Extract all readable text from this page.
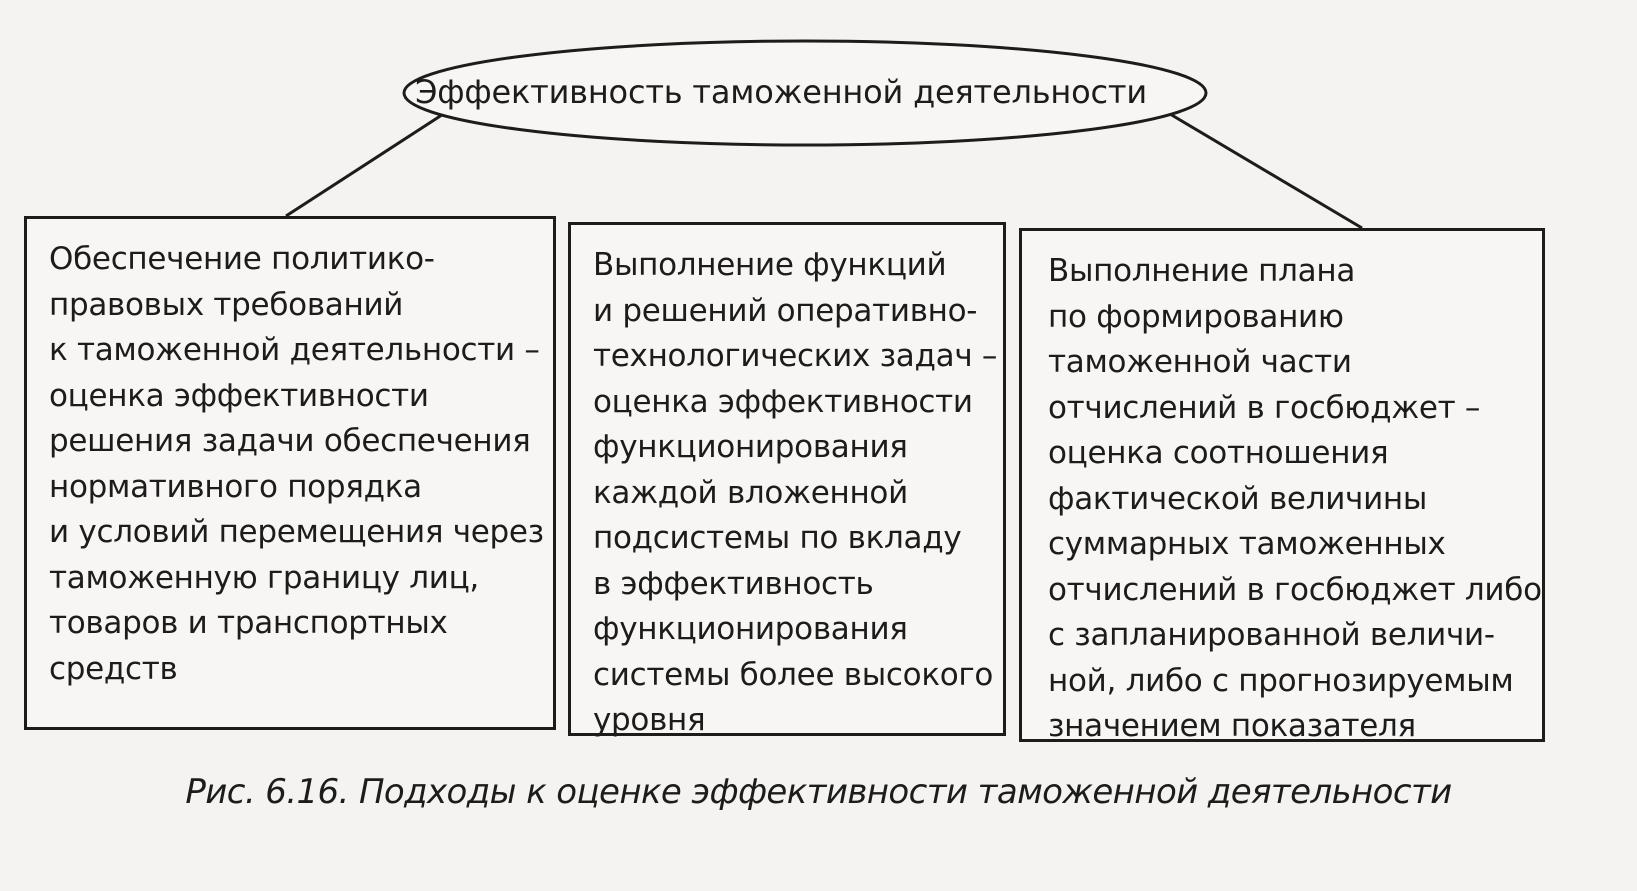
Эффективность таможенной деятельности
Обеспечение политико-
правовых требований
к таможенной деятельности –
оценка эффективности
решения задачи обеспечения
нормативного порядка
и условий перемещения через
таможенную границу лиц,
товаров и транспортных
средств
Выполнение функций
и решений оперативно-
технологических задач –
оценка эффективности
функционирования
каждой вложенной
подсистемы по вкладу
в эффективность
функционирования
системы более высокого
уровня
Выполнение плана
по формированию
таможенной части
отчислений в госбюджет –
оценка соотношения
фактической величины
суммарных таможенных
отчислений в госбюджет либо
с запланированной величи-
ной, либо с прогнозируемым
значением показателя
Рис. 6.16. Подходы к оценке эффективности таможенной деятельности
